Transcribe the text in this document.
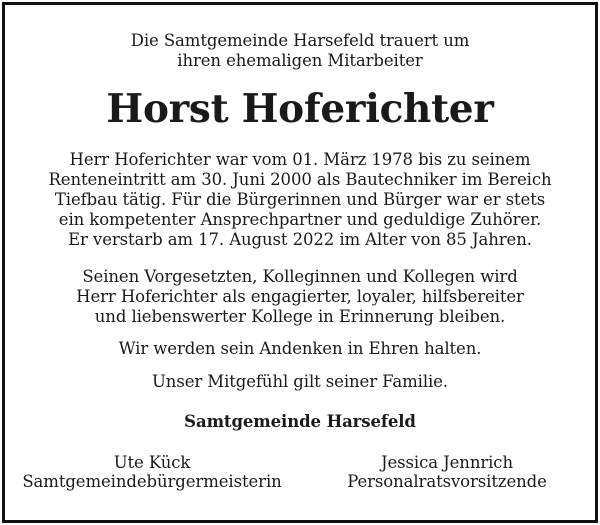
Die Samtgemeinde Harsefeld trauert um
ihren ehemaligen Mitarbeiter
Horst Hoferichter
Herr Hoferichter war vom 01. März 1978 bis zu seinem
Renteneintritt am 30. Juni 2000 als Bautechniker im Bereich
Tiefbau tätig. Für die Bürgerinnen und Bürger war er stets
ein kompetenter Ansprechpartner und geduldige Zuhörer.
Er verstarb am 17. August 2022 im Alter von 85 Jahren.
Seinen Vorgesetzten, Kolleginnen und Kollegen wird
Herr Hoferichter als engagierter, loyaler, hilfsbereiter
und liebenswerter Kollege in Erinnerung bleiben.
Wir werden sein Andenken in Ehren halten.
Unser Mitgefühl gilt seiner Familie.
Samtgemeinde Harsefeld
Ute Kück
Samtgemeindebürgermeisterin
Jessica Jennrich
Personalratsvorsitzende
